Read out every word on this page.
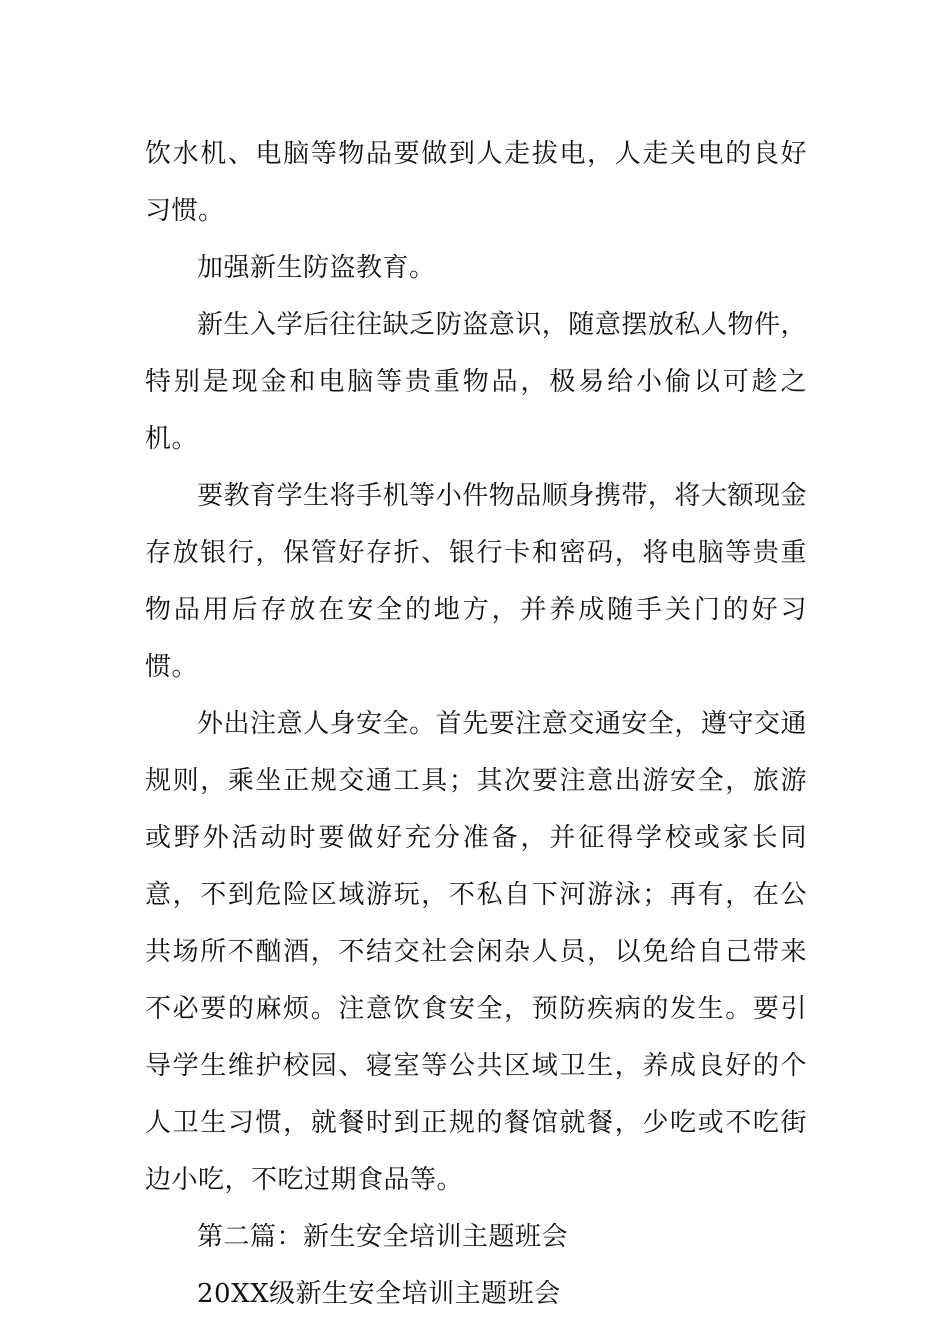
饮水机、电脑等物品要做到人走拔电，人走关电的良好习惯。

加强新生防盗教育。

新生入学后往往缺乏防盗意识，随意摆放私人物件，特别是现金和电脑等贵重物品，极易给小偷以可趁之机。

要教育学生将手机等小件物品顺身携带，将大额现金存放银行，保管好存折、银行卡和密码，将电脑等贵重物品用后存放在安全的地方，并养成随手关门的好习惯。

外出注意人身安全。首先要注意交通安全，遵守交通规则，乘坐正规交通工具；其次要注意出游安全，旅游或野外活动时要做好充分准备，并征得学校或家长同意，不到危险区域游玩，不私自下河游泳；再有，在公共场所不酗酒，不结交社会闲杂人员，以免给自己带来不必要的麻烦。注意饮食安全，预防疾病的发生。要引导学生维护校园、寝室等公共区域卫生，养成良好的个人卫生习惯，就餐时到正规的餐馆就餐，少吃或不吃街边小吃，不吃过期食品等。

第二篇：新生安全培训主题班会

20XX级新生安全培训主题班会
